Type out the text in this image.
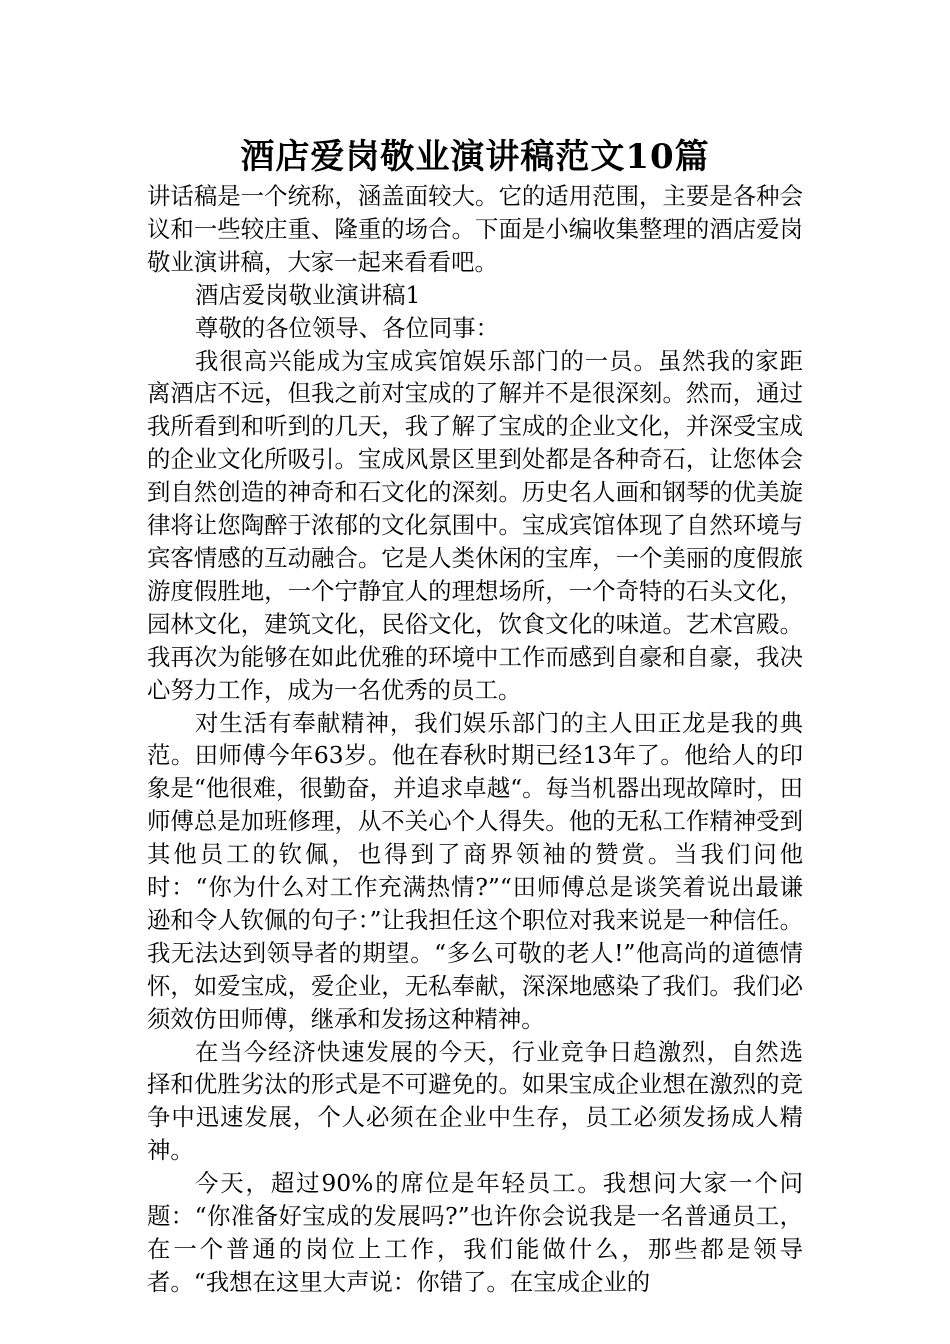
酒店爱岗敬业演讲稿范文10篇

讲话稿是一个统称，涵盖面较大。它的适用范围，主要是各种会议和一些较庄重、隆重的场合。下面是小编收集整理的酒店爱岗敬业演讲稿，大家一起来看看吧。

酒店爱岗敬业演讲稿1

尊敬的各位领导、各位同事：

我很高兴能成为宝成宾馆娱乐部门的一员。虽然我的家距离酒店不远，但我之前对宝成的了解并不是很深刻。然而，通过我所看到和听到的几天，我了解了宝成的企业文化，并深受宝成的企业文化所吸引。宝成风景区里到处都是各种奇石，让您体会到自然创造的神奇和石文化的深刻。历史名人画和钢琴的优美旋律将让您陶醉于浓郁的文化氛围中。宝成宾馆体现了自然环境与宾客情感的互动融合。它是人类休闲的宝库，一个美丽的度假旅游度假胜地，一个宁静宜人的理想场所，一个奇特的石头文化，园林文化，建筑文化，民俗文化，饮食文化的味道。艺术宫殿。我再次为能够在如此优雅的环境中工作而感到自豪和自豪，我决心努力工作，成为一名优秀的员工。

对生活有奉献精神，我们娱乐部门的主人田正龙是我的典范。田师傅今年63岁。他在春秋时期已经13年了。他给人的印象是“他很难，很勤奋，并追求卓越“。每当机器出现故障时，田师傅总是加班修理，从不关心个人得失。他的无私工作精神受到其他员工的钦佩，也得到了商界领袖的赞赏。当我们问他时：“你为什么对工作充满热情?”“田师傅总是谈笑着说出最谦逊和令人钦佩的句子：”让我担任这个职位对我来说是一种信任。我无法达到领导者的期望。“多么可敬的老人!”他高尚的道德情怀，如爱宝成，爱企业，无私奉献，深深地感染了我们。我们必须效仿田师傅，继承和发扬这种精神。

在当今经济快速发展的今天，行业竞争日趋激烈，自然选择和优胜劣汰的形式是不可避免的。如果宝成企业想在激烈的竞争中迅速发展，个人必须在企业中生存，员工必须发扬成人精神。

今天，超过90%的席位是年轻员工。我想问大家一个问题：“你准备好宝成的发展吗?”也许你会说我是一名普通员工，在一个普通的岗位上工作，我们能做什么，那些都是领导者。“我想在这里大声说：你错了。在宝成企业的
